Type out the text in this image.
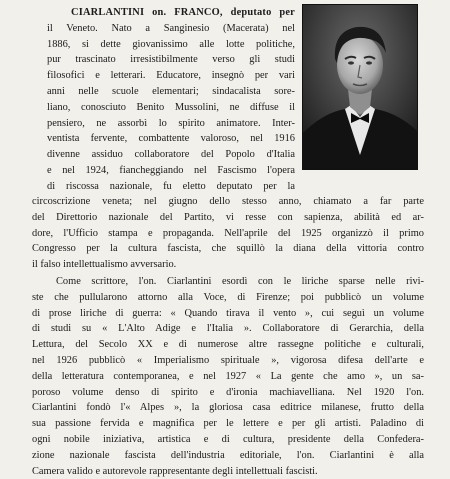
CIARLANTINI on. FRANCO, deputato per
il Veneto. Nato a Sanginesio (Macerata) nel
1886, si dette giovanissimo alle lotte politiche,
pur trascinato irresistibilmente verso gli studi
filosofici e letterari. Educatore, insegnò per vari
anni nelle scuole elementari; sindacalista sore-
liano, conosciuto Benito Mussolini, ne diffuse il
pensiero, ne assorbì lo spirito animatore. Inter-
ventista fervente, combattente valoroso, nel 1916
divenne assiduo collaboratore del Popolo d'Italia
e nel 1924, fiancheggiando nel Fascismo l'opera
di riscossa nazionale, fu eletto deputato per la
circoscrizione veneta; nel giugno dello stesso anno, chiamato a far parte
del Direttorio nazionale del Partito, vi resse con sapienza, abilità ed ar-
dore, l'Ufficio stampa e propaganda. Nell'aprile del 1925 organizzò il primo
Congresso per la cultura fascista, che squillò la diana della vittoria contro
il falso intellettualismo avversario.
Come scrittore, l'on. Ciarlantini esordì con le liriche sparse nelle rivi-
ste che pullularono attorno alla Voce, di Firenze; poi pubblicò un volume
di prose liriche di guerra: « Quando tirava il vento », cui seguì un volume
di studi su « L'Alto Adige e l'Italia ». Collaboratore di Gerarchia, della
Lettura, del Secolo XX e di numerose altre rassegne politiche e culturali,
nel 1926 pubblicò « Imperialismo spirituale », vigorosa difesa dell'arte e
della letteratura contemporanea, e nel 1927 « La gente che amo », un sa-
poroso volume denso di spirito e d'ironia machiavelliana. Nel 1920 l'on.
Ciarlantini fondò l'« Alpes », la gloriosa casa editrice milanese, frutto della
sua passione fervida e magnifica per le lettere e per gli artisti. Paladino di
ogni nobile iniziativa, artistica e di cultura, presidente della Confedera-
zione nazionale fascista dell'industria editoriale, l'on. Ciarlantini è alla
Camera valido e autorevole rappresentante degli intellettuali fascisti.
